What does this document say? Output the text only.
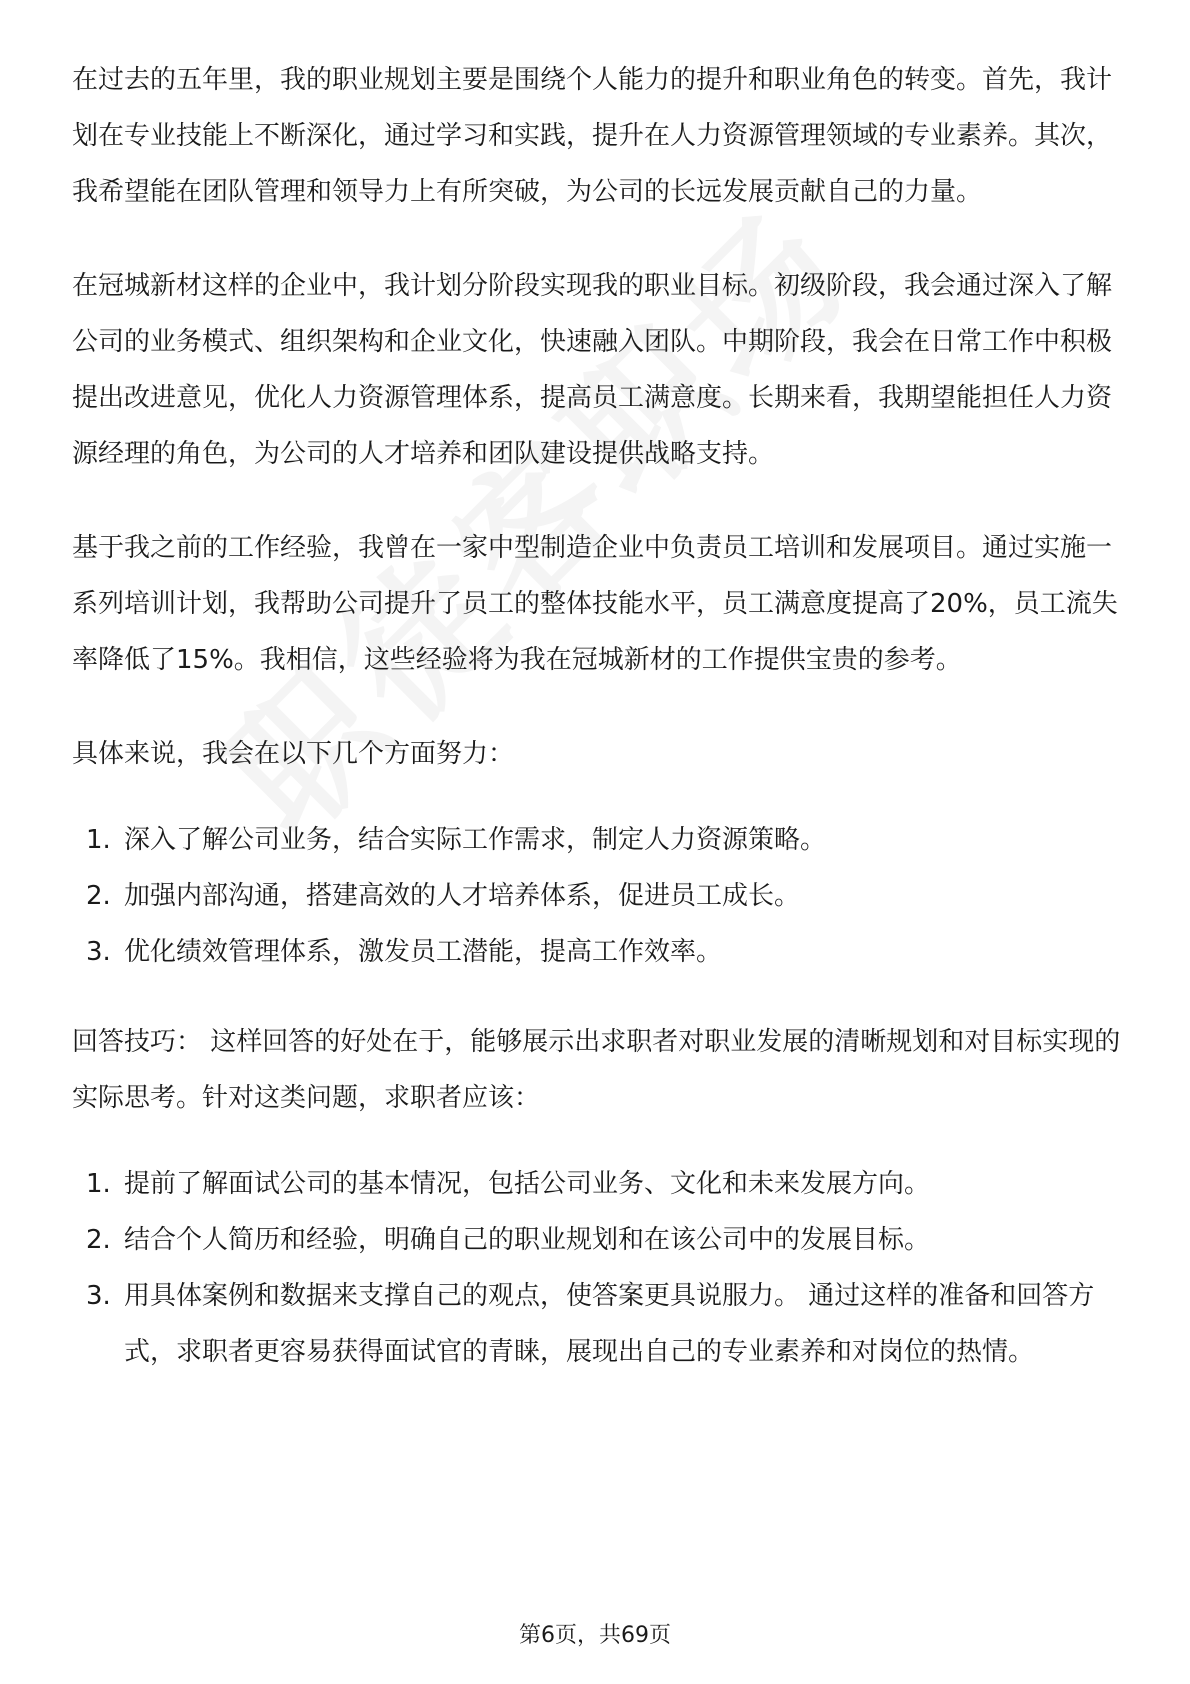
在过去的五年里，我的职业规划主要是围绕个人能力的提升和职业角色的转变。首先，我计划在专业技能上不断深化，通过学习和实践，提升在人力资源管理领域的专业素养。其次，我希望能在团队管理和领导力上有所突破，为公司的长远发展贡献自己的力量。

在冠城新材这样的企业中，我计划分阶段实现我的职业目标。初级阶段，我会通过深入了解公司的业务模式、组织架构和企业文化，快速融入团队。中期阶段，我会在日常工作中积极提出改进意见，优化人力资源管理体系，提高员工满意度。长期来看，我期望能担任人力资源经理的角色，为公司的人才培养和团队建设提供战略支持。

基于我之前的工作经验，我曾在一家中型制造企业中负责员工培训和发展项目。通过实施一系列培训计划，我帮助公司提升了员工的整体技能水平，员工满意度提高了20%，员工流失率降低了15%。我相信，这些经验将为我在冠城新材的工作提供宝贵的参考。

具体来说，我会在以下几个方面努力：

1. 深入了解公司业务，结合实际工作需求，制定人力资源策略。
2. 加强内部沟通，搭建高效的人才培养体系，促进员工成长。
3. 优化绩效管理体系，激发员工潜能，提高工作效率。

回答技巧： 这样回答的好处在于，能够展示出求职者对职业发展的清晰规划和对目标实现的实际思考。针对这类问题，求职者应该：

1. 提前了解面试公司的基本情况，包括公司业务、文化和未来发展方向。
2. 结合个人简历和经验，明确自己的职业规划和在该公司中的发展目标。
3. 用具体案例和数据来支撑自己的观点，使答案更具说服力。 通过这样的准备和回答方式，求职者更容易获得面试官的青睐，展现出自己的专业素养和对岗位的热情。
第6页，共69页
